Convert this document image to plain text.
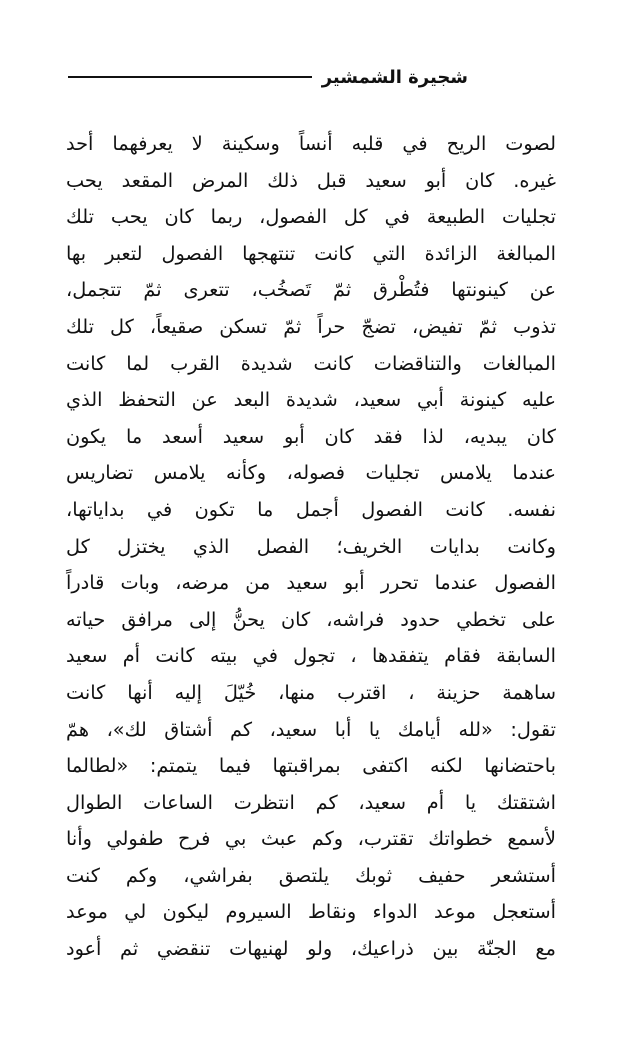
شجيرة الشمشير
لصوت الريح في قلبه أنساً وسكينة لا يعرفهما أحد
غيره. كان أبو سعيد قبل ذلك المرض المقعد يحب
تجليات الطبيعة في كل الفصول، ربما كان يحب تلك
المبالغة الزائدة التي كانت تنتهجها الفصول لتعبر بها
عن كينونتها فتُطْرق ثمّ تَصخُب، تتعرى ثمّ تتجمل،
تذوب ثمّ تفيض، تضجّ حراً ثمّ تسكن صقيعاً، كل تلك
المبالغات والتناقضات كانت شديدة القرب لما كانت
عليه كينونة أبي سعيد، شديدة البعد عن التحفظ الذي
كان يبديه، لذا فقد كان أبو سعيد أسعد ما يكون
عندما يلامس تجليات فصوله، وكأنه يلامس تضاريس
نفسه. كانت الفصول أجمل ما تكون في بداياتها،
وكانت بدايات الخريف؛ الفصل الذي يختزل كل
الفصول عندما تحرر أبو سعيد من مرضه، وبات قادراً
على تخطي حدود فراشه، كان يحنُّ إلى مرافق حياته
السابقة فقام يتفقدها ، تجول في بيته كانت أم سعيد
ساهمة حزينة ، اقترب منها، خُيّلَ إليه أنها كانت
تقول: «لله أيامك يا أبا سعيد، كم أشتاق لك»، همّ
باحتضانها لكنه اكتفى بمراقبتها فيما يتمتم: «لطالما
اشتقتك يا أم سعيد، كم انتظرت الساعات الطوال
لأسمع خطواتك تقترب، وكم عبث بي فرح طفولي وأنا
أستشعر حفيف ثوبك يلتصق بفراشي، وكم كنت
أستعجل موعد الدواء ونقاط السيروم ليكون لي موعد
مع الجنّة بين ذراعيك، ولو لهنيهات تنقضي ثم أعود
